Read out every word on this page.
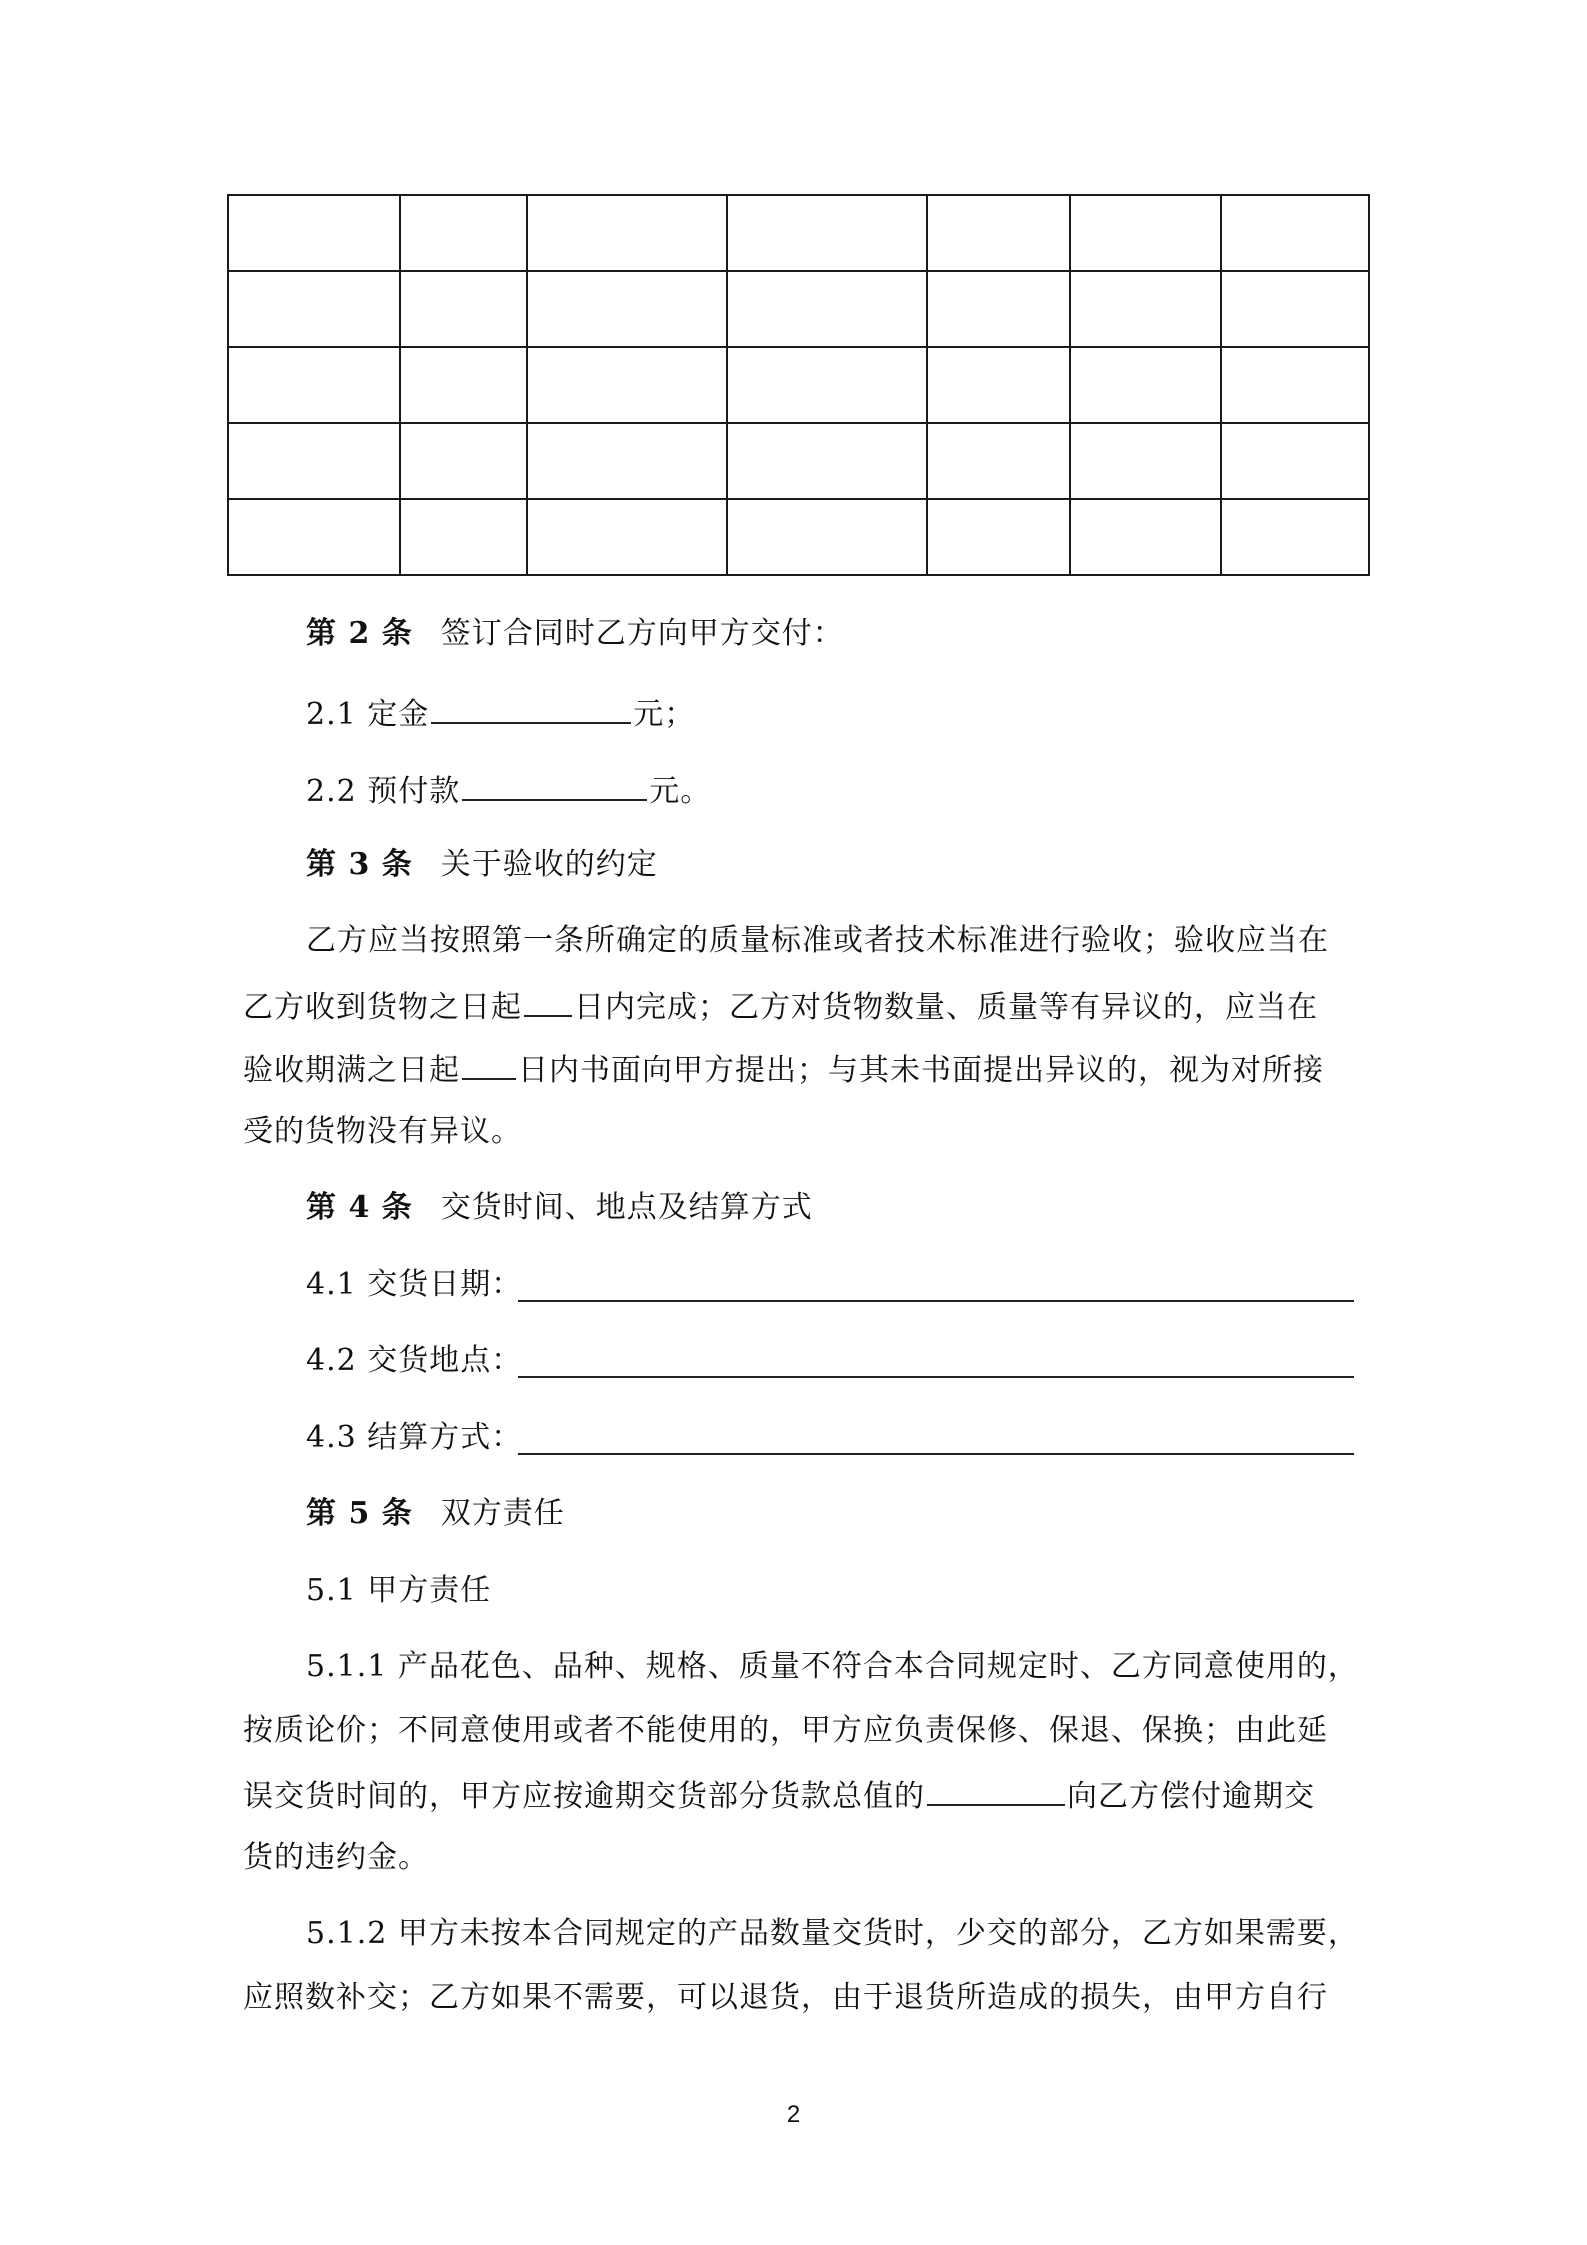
第 2 条 签订合同时乙方向甲方交付：
2.1 定金	元；
2.2 预付款	元。
第 3 条 关于验收的约定
乙方应当按照第一条所确定的质量标准或者技术标准进行验收；验收应当在
乙方收到货物之日起 日内完成；乙方对货物数量、质量等有异议的，应当在
验收期满之日起 日内书面向甲方提出；与其未书面提出异议的，视为对所接
受的货物没有异议。
第 4 条 交货时间、地点及结算方式
4.1 交货日期：
4.2 交货地点：
4.3 结算方式：
第 5 条 双方责任
5.1 甲方责任
5.1.1 产品花色、品种、规格、质量不符合本合同规定时、乙方同意使用的，
按质论价；不同意使用或者不能使用的，甲方应负责保修、保退、保换；由此延
误交货时间的，甲方应按逾期交货部分货款总值的	向乙方偿付逾期交
货的违约金。
5.1.2 甲方未按本合同规定的产品数量交货时，少交的部分，乙方如果需要，
应照数补交；乙方如果不需要，可以退货，由于退货所造成的损失，由甲方自行
2
